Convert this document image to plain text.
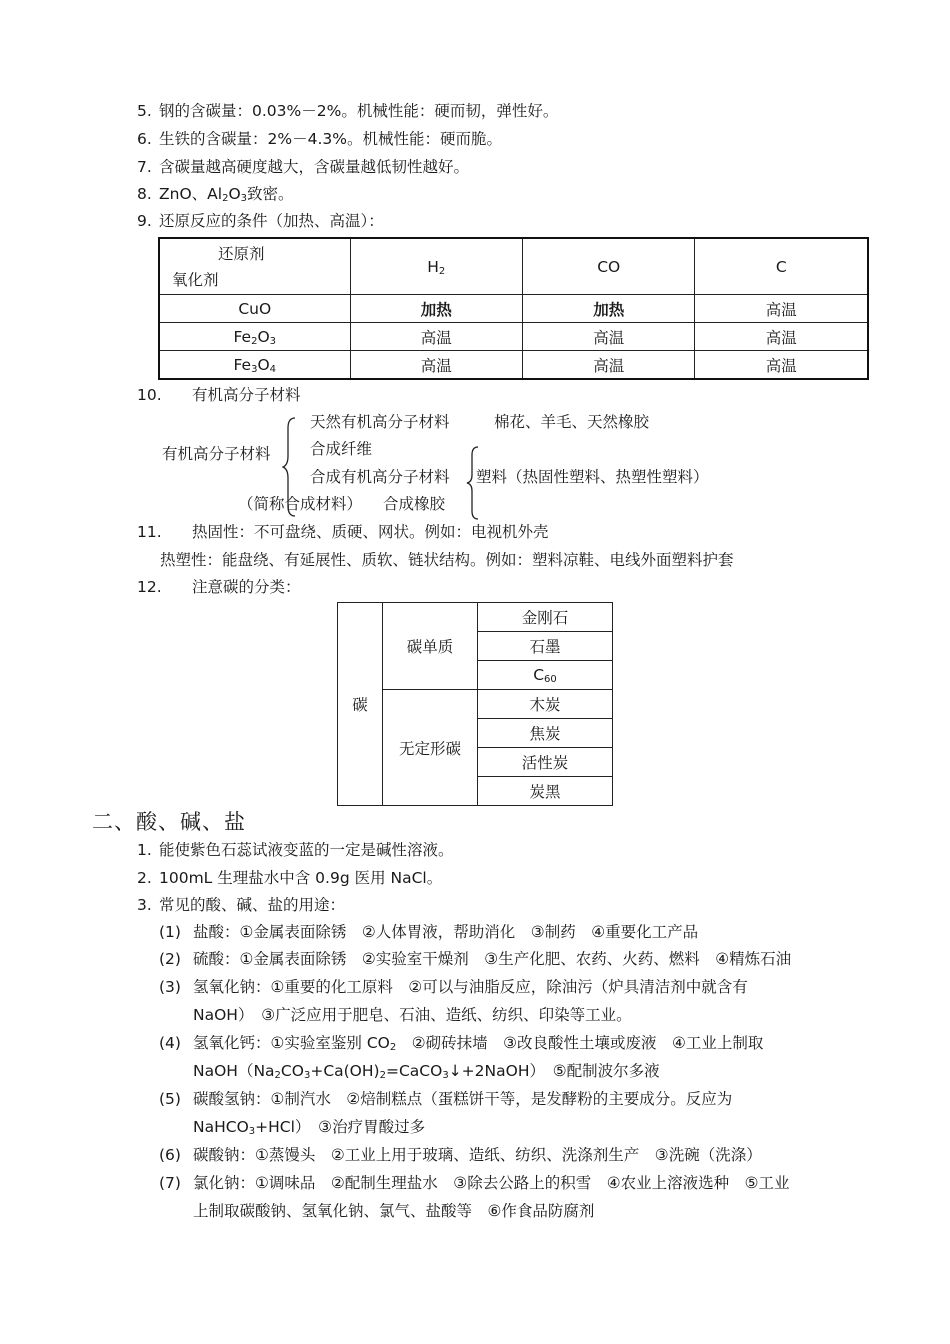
5. 钢的含碳量：0.03%－2%。机械性能：硬而韧，弹性好。
6. 生铁的含碳量：2%－4.3%。机械性能：硬而脆。
7. 含碳量越高硬度越大，含碳量越低韧性越好。
8. ZnO、$Al_2O_3$致密。
9. 还原反应的条件（加热、高温）：
还原剂
氧化剂	$H_2$	CO	C
CuO	加热	加热	高温
$Fe_2O_3$	高温	高温	高温
$Fe_3O_4$	高温	高温	高温
10. 有机高分子材料
有机高分子材料
（简称合成材料）
天然有机高分子材料	棉花、羊毛、天然橡胶
合成纤维
合成有机高分子材料 塑料（热固性塑料、热塑性塑料）
合成橡胶
11. 热固性：不可盘绕、质硬、网状。例如：电视机外壳
热塑性：能盘绕、有延展性、质软、链状结构。例如：塑料凉鞋、电线外面塑料护套
12. 注意碳的分类：
碳	碳单质	金刚石
		石墨
		$C_{60}$
	无定形碳	木炭
		焦炭
		活性炭
		炭黑
二、酸、碱、盐
1. 能使紫色石蕊试液变蓝的一定是碱性溶液。
2. 100mL 生理盐水中含 0.9g 医用 NaCl。
3. 常见的酸、碱、盐的用途：
(1) 盐酸：①金属表面除锈　②人体胃液，帮助消化　③制药　④重要化工产品
(2) 硫酸：①金属表面除锈　②实验室干燥剂　③生产化肥、农药、火药、燃料　④精炼石油
(3) 氢氧化钠：①重要的化工原料　②可以与油脂反应，除油污（炉具清洁剂中就含有
NaOH）　③广泛应用于肥皂、石油、造纸、纺织、印染等工业。
(4) 氢氧化钙：①实验室鉴别 $CO_2$　②砌砖抹墙　③改良酸性土壤或废液　④工业上制取
$NaOH(Na_2CO_3+Ca(OH)_2=CaCO_3↓+2NaOH)$　⑤配制波尔多液
(5) 碳酸氢钠：①制汽水　②焙制糕点（蛋糕饼干等，是发酵粉的主要成分。反应为
NaHCO$_3$+HCl）　③治疗胃酸过多
(6) 碳酸钠：①蒸馒头　②工业上用于玻璃、造纸、纺织、洗涤剂生产　③洗碗（洗涤）
(7) 氯化钠：①调味品　②配制生理盐水　③除去公路上的积雪　④农业上溶液选种　⑤工业
上制取碳酸钠、氢氧化钠、氯气、盐酸等　⑥作食品防腐剂
